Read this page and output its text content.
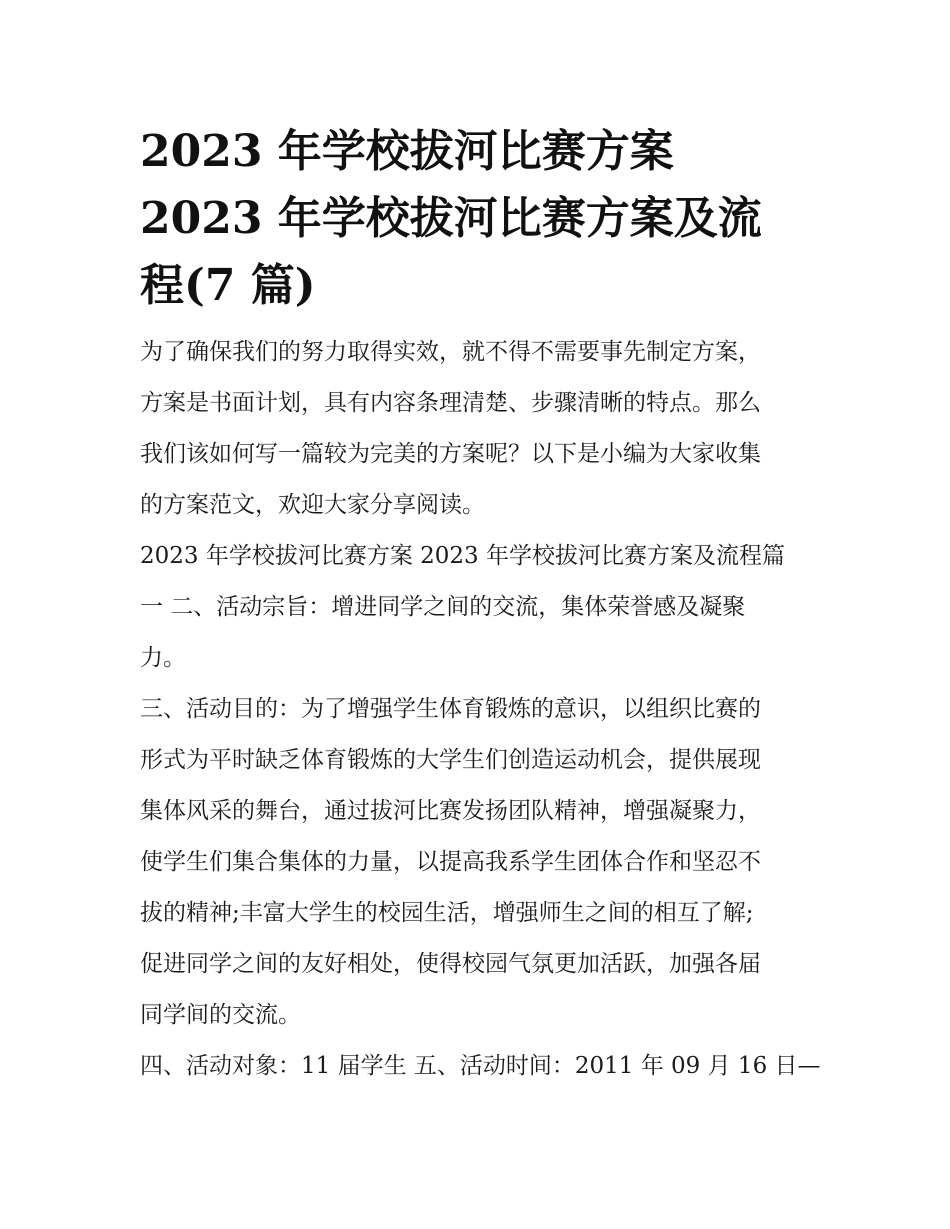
2023 年学校拔河比赛方案
2023 年学校拔河比赛方案及流
程(7 篇)
为了确保我们的努力取得实效，就不得不需要事先制定方案，
方案是书面计划，具有内容条理清楚、步骤清晰的特点。那么
我们该如何写一篇较为完美的方案呢？以下是小编为大家收集
的方案范文，欢迎大家分享阅读。
2023 年学校拔河比赛方案 2023 年学校拔河比赛方案及流程篇
一 二、活动宗旨：增进同学之间的交流，集体荣誉感及凝聚
力。
三、活动目的：为了增强学生体育锻炼的意识，以组织比赛的
形式为平时缺乏体育锻炼的大学生们创造运动机会，提供展现
集体风采的舞台，通过拔河比赛发扬团队精神，增强凝聚力，
使学生们集合集体的力量，以提高我系学生团体合作和坚忍不
拔的精神;丰富大学生的校园生活，增强师生之间的相互了解;
促进同学之间的友好相处，使得校园气氛更加活跃，加强各届
同学间的交流。
四、活动对象：11 届学生 五、活动时间：2011 年 09 月 16 日—
